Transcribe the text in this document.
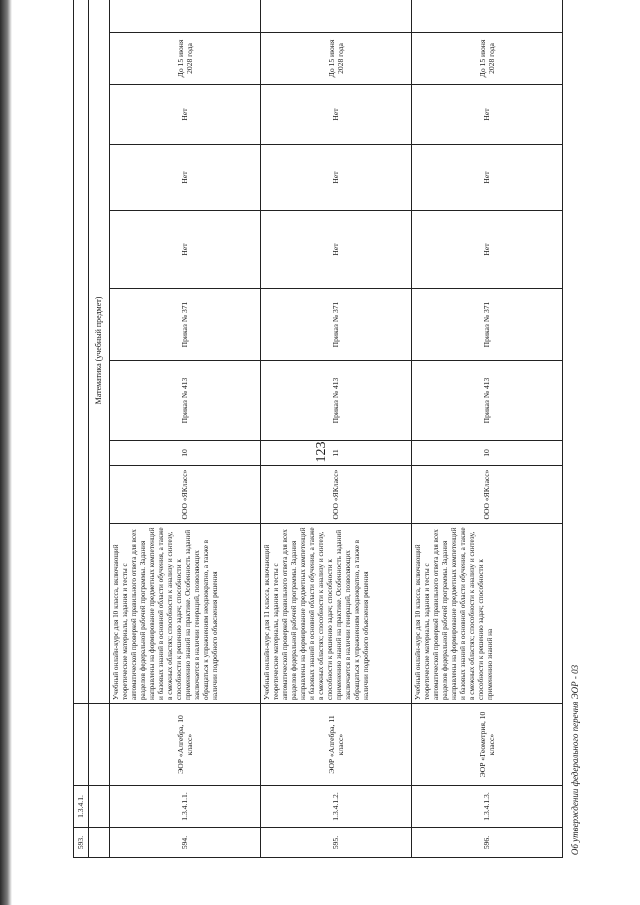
123
Об утверждении федерального перечня ЭОР - 03
593.	1.3.4.1.											
			Математика (учебный предмет)									
594.	1.3.4.1.1.	ЭОР «Алгебра, 10 класс»	Учебный онлайн-курс для 10 класса, включающий теоретические материалы, задания и тесты с автоматической проверкой правильного ответа для всех разделов федеральной рабочей программы. Задания направлены на формирование предметных компетенций и базовых знаний в основной области обучения, а также в смежных областях; способности к анализу и синтезу, способности к решению задач; способности к применению знаний на практике. Особенность заданий заключается в наличии генераций, позволяющих обращаться к упражнениям неоднократно, а также в наличии подробного объяснения решения	ООО «ЯКласс»	10	Приказ № 413	Приказ № 371	Нет	Нет	Нет	До 15 июня 2028 года	
595.	1.3.4.1.2.	ЭОР «Алгебра, 11 класс»	Учебный онлайн-курс для 11 класса, включающий теоретические материалы, задания и тесты с автоматической проверкой правильного ответа для всех разделов федеральной рабочей программы. Задания направлены на формирование предметных компетенций и базовых знаний в основной области обучения, а также в смежных областях; способности к анализу и синтезу, способности к решению задач; способности к применению знаний на практике. Особенность заданий заключается в наличии генераций, позволяющих обращаться к упражнениям неоднократно, а также в наличии подробного объяснения решения	ООО «ЯКласс»	11	Приказ № 413	Приказ № 371	Нет	Нет	Нет	До 15 июня 2028 года	
596.	1.3.4.1.3.	ЭОР «Геометрия, 10 класс»	Учебный онлайн-курс для 10 класса, включающий теоретические материалы, задания и тесты с автоматической проверкой правильного ответа для всех разделов федеральной рабочей программы. Задания направлены на формирование предметных компетенций и базовых знаний в основной области обучения, а также в смежных областях; способности к анализу и синтезу, способности к решению задач; способности к применению знаний на	ООО «ЯКласс»	10	Приказ № 413	Приказ № 371	Нет	Нет	Нет	До 15 июня 2028 года	
